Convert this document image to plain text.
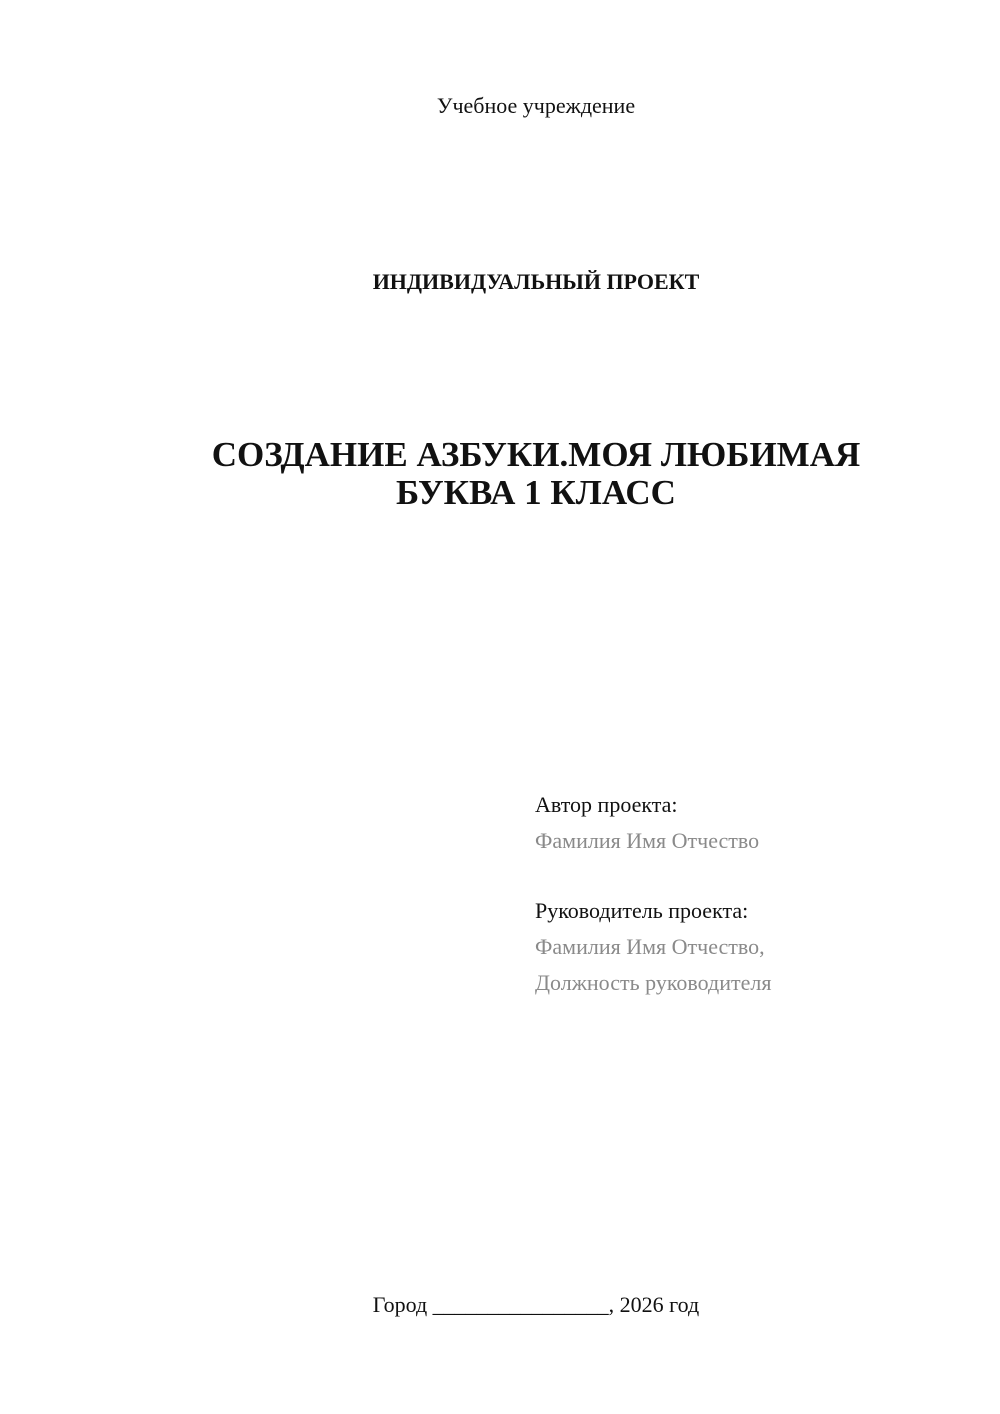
Учебное учреждение
ИНДИВИДУАЛЬНЫЙ ПРОЕКТ
СОЗДАНИЕ АЗБУКИ.МОЯ ЛЮБИМАЯ
БУКВА 1 КЛАСС
Автор проекта:
Фамилия Имя Отчество
Руководитель проекта:
Фамилия Имя Отчество,
Должность руководителя
Город ________________, 2026 год
